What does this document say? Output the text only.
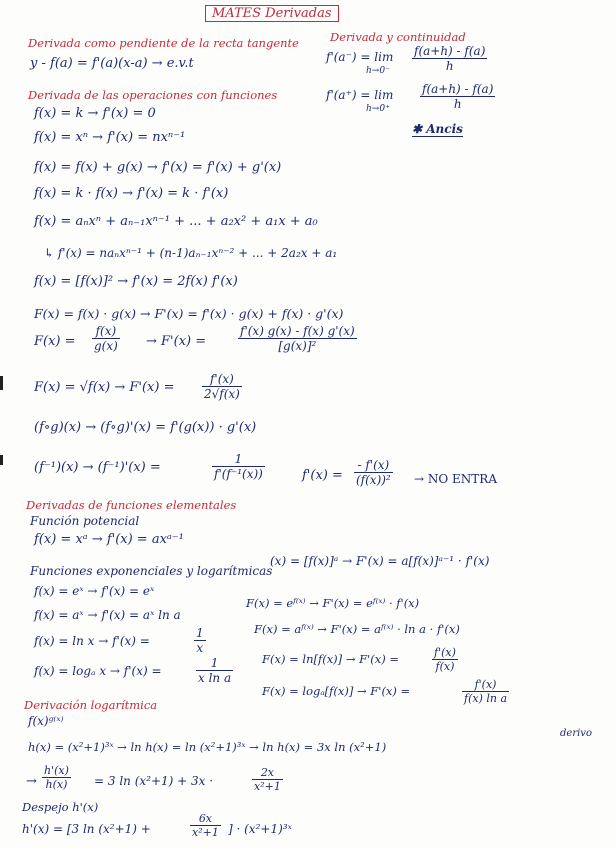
MATES Derivadas
Derivada como pendiente de la recta tangente
y - f(a) = f'(a)(x-a) → e.v.t
Derivada y continuidad
f'(a⁻) = lim
$h\to 0^- \frac{f(a+h) - f(a)}{h}$
f'(a⁺) = lim
h→0⁺	$\frac{f(a+h) - f(a)}{h}$
✱ Ancis
Derivada de las operaciones con funciones
f(x) = k → f'(x) = 0
f(x) = xⁿ → f'(x) = nxⁿ⁻¹
f(x) = f(x) + g(x) → f'(x) = f'(x) + g'(x)
f(x) = k · f(x) → f'(x) = k · f'(x)
f(x) = aₙxⁿ + aₙ₋₁xⁿ⁻¹ + ... + a₂x² + a₁x + a₀
↳ f'(x) = naₙxⁿ⁻¹ + (n-1)aₙ₋₁xⁿ⁻² + ... + 2a₂x + a₁
f(x) = [f(x)]² → f'(x) = 2f(x) f'(x)
F(x) = f(x) · g(x) → F'(x) = f'(x) · g(x) + f(x) · g'(x)
$F(x) = \frac{f(x)}{g(x)} \to F'(x)$ =	$\frac{f'(x) g(x) - f(x) g'(x)}{\text{[g(x)]²}}$
$F(x) = √f(x) \to F'(x) = \frac{f'(x)}{2√f(x)}$
(f∘g)(x) → (f∘g)'(x) = f'(g(x)) · g'(x)
(f⁻¹)(x) → (f⁻¹)'(x) =	$\frac{1}{\text{f'(f⁻¹(x))}}$	$f'(x) = \frac{- f'(x)}{\text{(f(x))²}}$ → NO ENTRA
Derivadas de funciones elementales
Función potencial
f(x) = xᵃ → f'(x) = axᵃ⁻¹
(x) = [f(x)]ᵃ → F'(x) = a[f(x)]ᵃ⁻¹ · f'(x)
Funciones exponenciales y logarítmicas
f(x) = eˣ → f'(x) = eˣ
f(x) = aˣ → f'(x) = aˣ ln a
f(x) = ln x → f'(x) =	$\frac{1}{x}$
f(x) = logₐ x → f'(x) =	$\frac{1}{\text{x ln a}}$
F(x) = eᶠ⁽ˣ⁾ → F'(x) = eᶠ⁽ˣ⁾ · f'(x)
F(x) = aᶠ⁽ˣ⁾ → F'(x) = aᶠ⁽ˣ⁾ · ln a · f'(x)
F(x) = ln[f(x)] → F'(x) =	$\frac{f'(x)}{f(x)}$
F(x) = logₐ[f(x)] → F'(x) =	$\frac{f'(x)}{\text{f(x) ln a}}$
Derivación logarítmica
f(x)ᵍ⁽ˣ⁾
h(x) = (x²+1)³ˣ → ln h(x) = ln (x²+1)³ˣ → ln h(x) = 3x ln (x²+1)
derivo
→ $\frac{h'(x)}{h(x)} = 3$ ln (x²+1) + 3x ·	$\frac{2x}{\text{x²+1}}$
Despejo h'(x)
h'(x) = [3 ln (x²+1) +	$\frac{6x}{\text{x²+1}}$ ] · (x²+1)³ˣ
